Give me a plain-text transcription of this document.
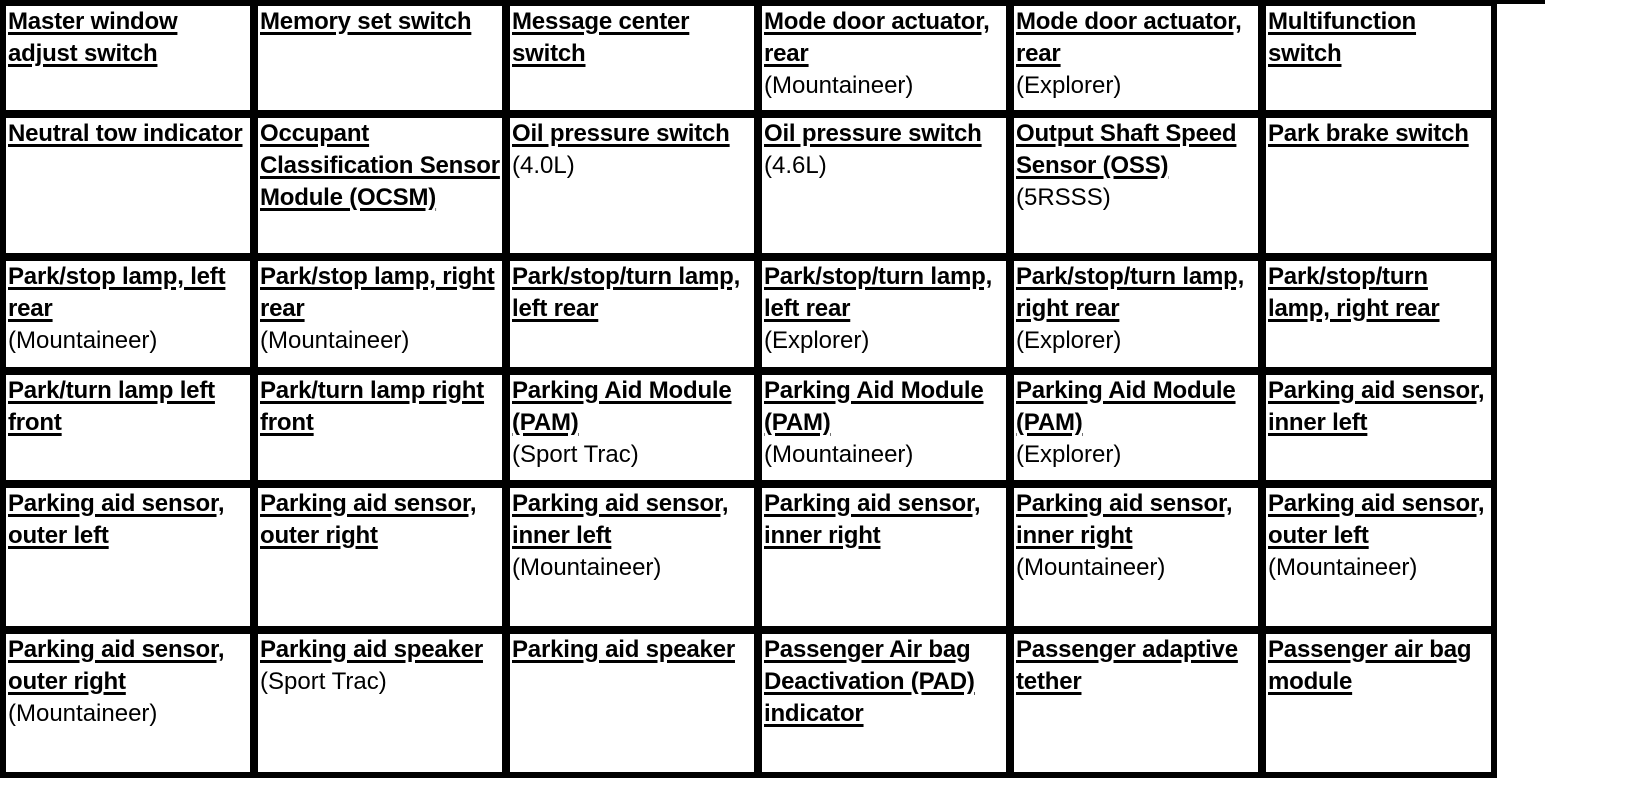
Master window adjust switch
Memory set switch	Message center switch
Mode door actuator, rear
(Mountaineer)
Mode door actuator, rear
(Explorer)
Multifunction switch
Neutral tow indicator Occupant Classification Sensor Module (OCSM)
Oil pressure switch
(4.0L)
Oil pressure switch
(4.6L)
Output Shaft Speed Sensor (OSS)
(5RSSS)
Park brake switch
Park/stop lamp, left rear
(Mountaineer)
Park/stop lamp, right rear
(Mountaineer)
Park/stop/turn lamp, left rear
Park/stop/turn lamp, left rear
(Explorer)
Park/stop/turn lamp, right rear
(Explorer)
Park/stop/turn lamp, right rear
Park/turn lamp left front
Park/turn lamp right front
Parking Aid Module (PAM)
(Sport Trac)
Parking Aid Module (PAM)
(Mountaineer)
Parking Aid Module (PAM)
(Explorer)
Parking aid sensor, inner left
Parking aid sensor, outer left
Parking aid sensor, outer right
Parking aid sensor, inner left
(Mountaineer)
Parking aid sensor, inner right
Parking aid sensor, inner right
(Mountaineer)
Parking aid sensor, outer left
(Mountaineer)
Parking aid sensor, outer right
(Mountaineer)
Parking aid speaker
(Sport Trac)
Parking aid speaker	Passenger Air bag Deactivation (PAD) indicator
Passenger adaptive tether
Passenger air bag module
